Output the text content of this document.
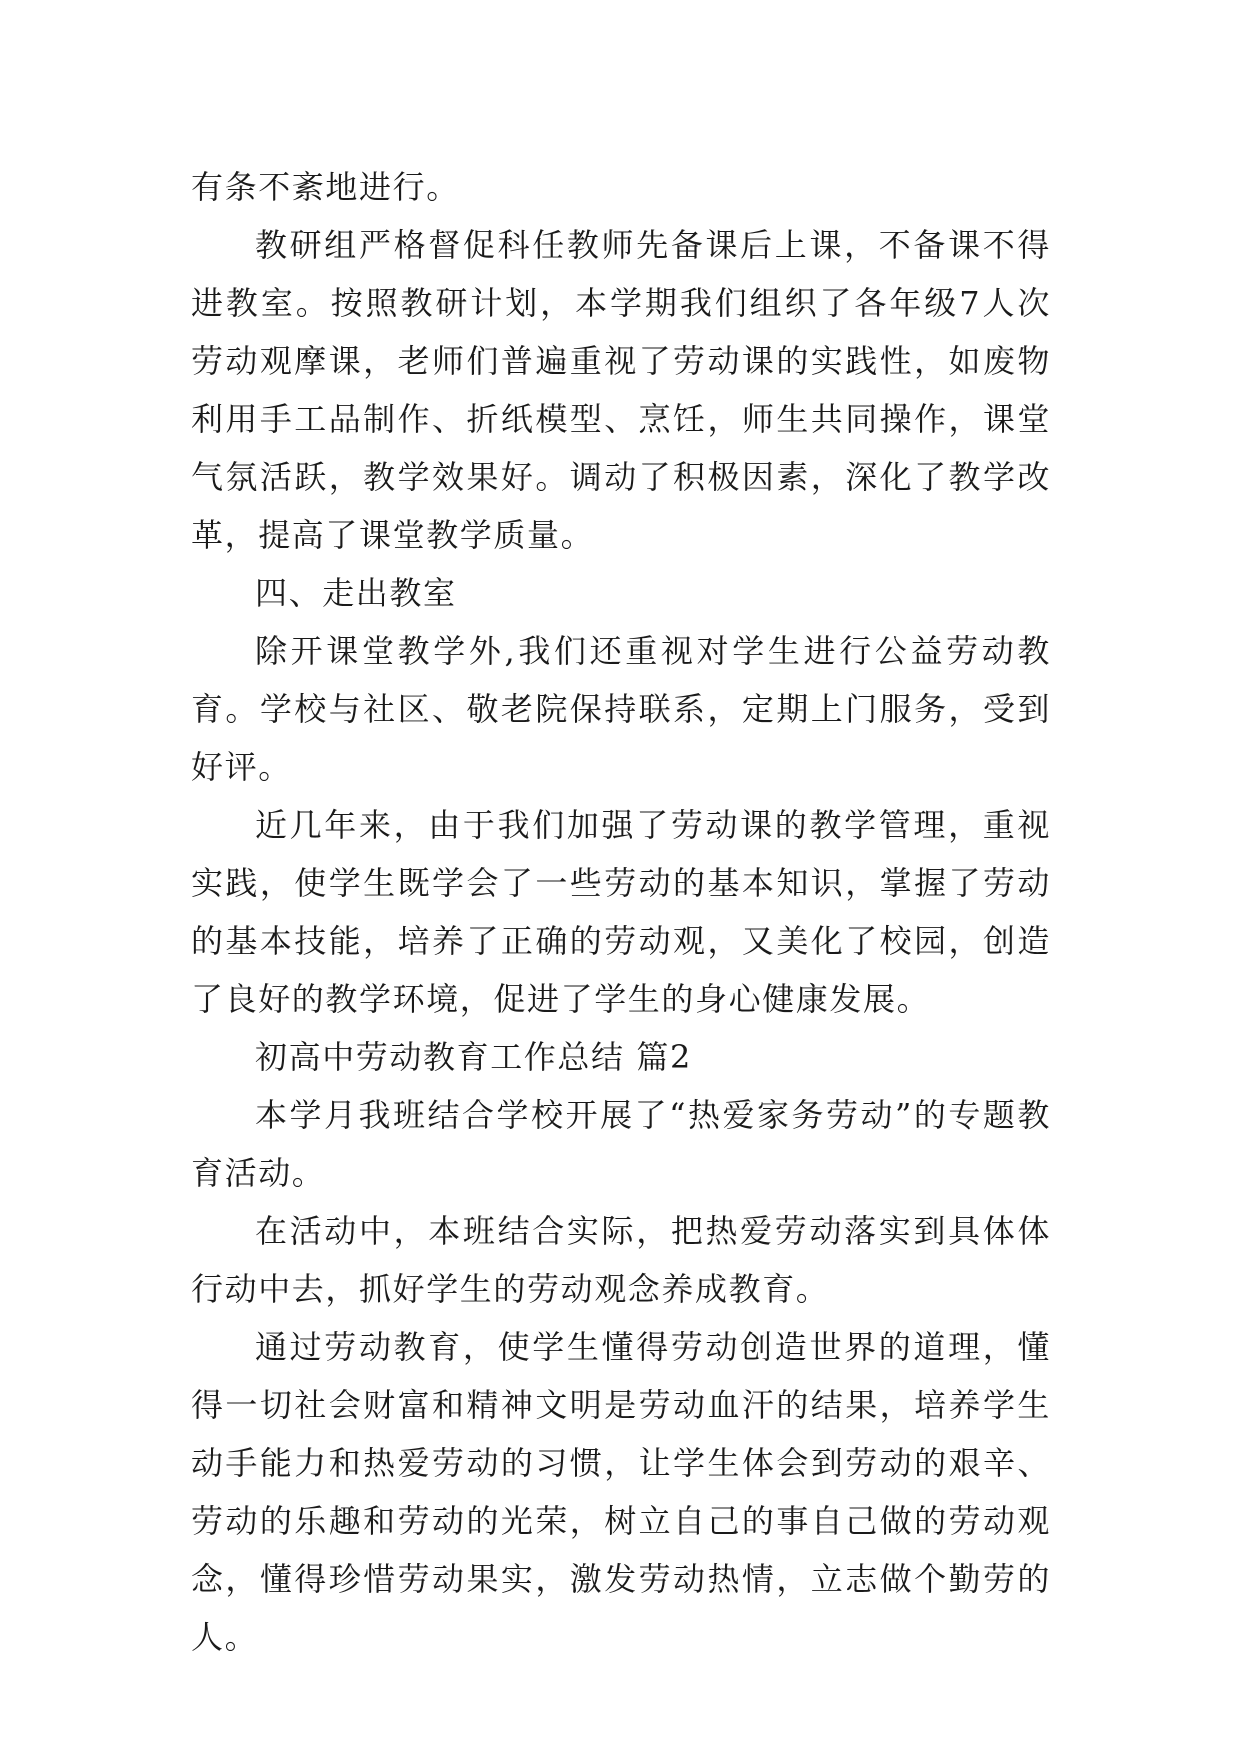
有条不紊地进行。

教研组严格督促科任教师先备课后上课，不备课不得进教室。按照教研计划，本学期我们组织了各年级7人次劳动观摩课，老师们普遍重视了劳动课的实践性，如废物利用手工品制作、折纸模型、烹饪，师生共同操作，课堂气氛活跃，教学效果好。调动了积极因素，深化了教学改革，提高了课堂教学质量。

四、走出教室

除开课堂教学外,我们还重视对学生进行公益劳动教育。学校与社区、敬老院保持联系，定期上门服务，受到好评。

近几年来，由于我们加强了劳动课的教学管理，重视实践，使学生既学会了一些劳动的基本知识，掌握了劳动的基本技能，培养了正确的劳动观，又美化了校园，创造了良好的教学环境，促进了学生的身心健康发展。

初高中劳动教育工作总结 篇2

本学月我班结合学校开展了“热爱家务劳动”的专题教育活动。

在活动中，本班结合实际，把热爱劳动落实到具体体行动中去，抓好学生的劳动观念养成教育。

通过劳动教育，使学生懂得劳动创造世界的道理，懂得一切社会财富和精神文明是劳动血汗的结果，培养学生动手能力和热爱劳动的习惯，让学生体会到劳动的艰辛、劳动的乐趣和劳动的光荣，树立自己的事自己做的劳动观念，懂得珍惜劳动果实，激发劳动热情，立志做个勤劳的人。
